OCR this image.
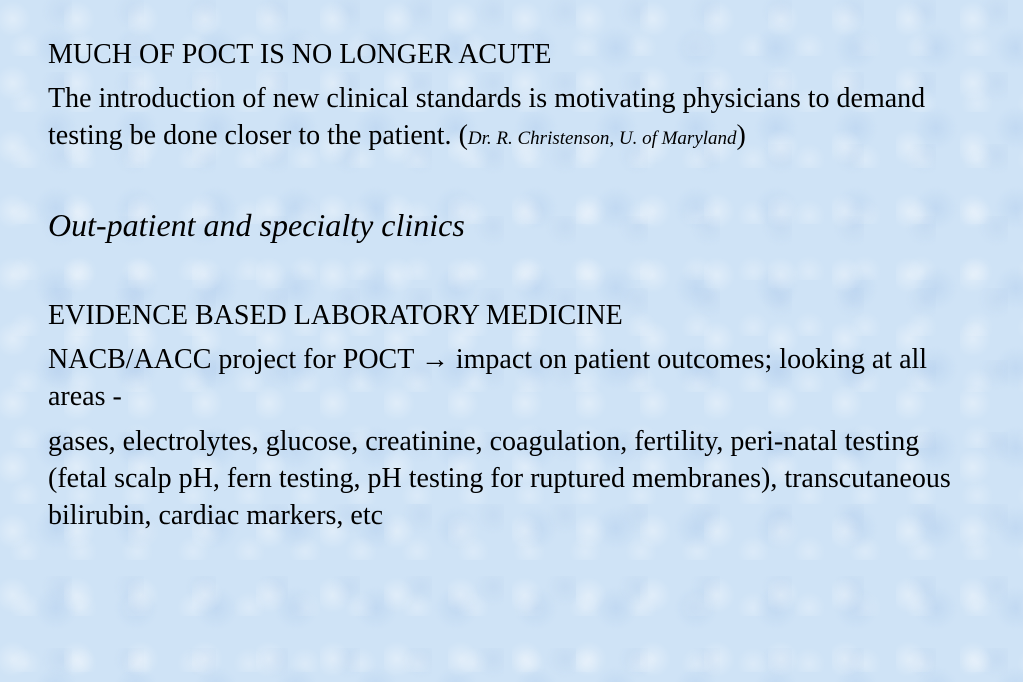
MUCH OF POCT IS NO LONGER ACUTE

The introduction of new clinical standards is motivating physicians to demand testing be done closer to the patient. (Dr. R. Christenson, U. of Maryland)

Out-patient and specialty clinics

EVIDENCE BASED LABORATORY MEDICINE

NACB/AACC project for POCT → impact on patient outcomes; looking at all areas -

gases, electrolytes, glucose, creatinine, coagulation, fertility, peri-natal testing (fetal scalp pH, fern testing, pH testing for ruptured membranes), transcutaneous bilirubin, cardiac markers, etc
